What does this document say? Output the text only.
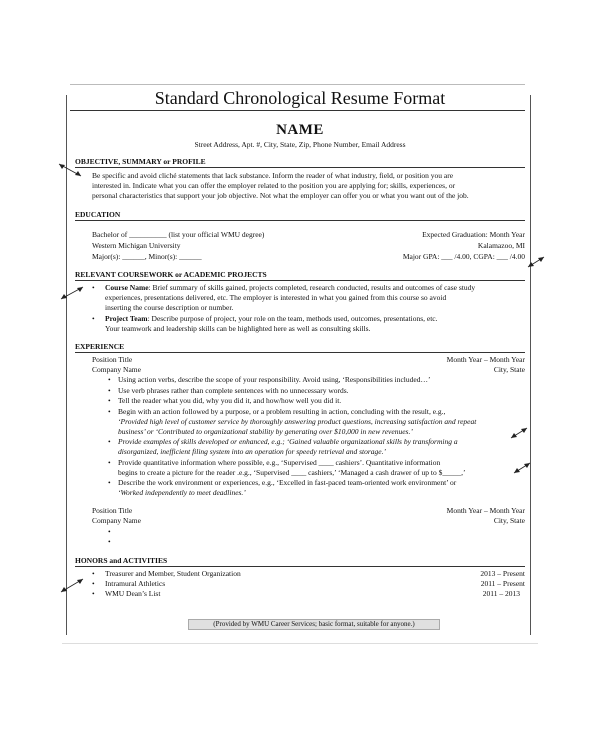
Standard Chronological Resume Format
NAME
Street Address, Apt. #, City, State, Zip, Phone Number, Email Address
OBJECTIVE, SUMMARY or PROFILE
Be specific and avoid cliché statements that lack substance. Inform the reader of what industry, field, or position you are
interested in. Indicate what you can offer the employer related to the position you are applying for; skills, experiences, or
personal characteristics that support your job objective. Not what the employer can offer you or what you want out of the job.
EDUCATION
Bachelor of __________ (list your official WMU degree)
Western Michigan University
Major(s): ______, Minor(s): ______
Expected Graduation: Month Year
Kalamazoo, MI
Major GPA: ___ /4.00, CGPA: ___ /4.00
RELEVANT COURSEWORK or ACADEMIC PROJECTS
• Course Name: Brief summary of skills gained, projects completed, research conducted, results and outcomes of case study
experiences, presentations delivered, etc. The employer is interested in what you gained from this course so avoid
inserting the course description or number.
• Project Team: Describe purpose of project, your role on the team, methods used, outcomes, presentations, etc.
Your teamwork and leadership skills can be highlighted here as well as consulting skills.
EXPERIENCE
Position Title
Company Name
Month Year – Month Year
City, State
• Using action verbs, describe the scope of your responsibility. Avoid using, ‘Responsibilities included…’
• Use verb phrases rather than complete sentences with no unnecessary words.
• Tell the reader what you did, why you did it, and how/how well you did it.
• Begin with an action followed by a purpose, or a problem resulting in action, concluding with the result, e.g.,
‘Provided high level of customer service by thoroughly answering product questions, increasing satisfaction and repeat
business’ or ‘Contributed to organizational stability by generating over $10,000 in new revenues.’
• Provide examples of skills developed or enhanced, e.g.; ‘Gained valuable organizational skills by transforming a
disorganized, inefficient filing system into an operation for speedy retrieval and storage.’
• Provide quantitative information where possible, e.g., ‘Supervised ____ cashiers’. Quantitative information
begins to create a picture for the reader .e.g., ‘Supervised ____ cashiers,’ ‘Managed a cash drawer of up to $_____,’
• Describe the work environment or experiences, e.g., ‘Excelled in fast-paced team-oriented work environment’ or
‘Worked independently to meet deadlines.’
Position Title
Company Name
Month Year – Month Year
City, State
•
•
HONORS and ACTIVITIES
• Treasurer and Member, Student Organization
• Intramural Athletics
• WMU Dean’s List
2013 – Present
2011 – Present
2011 – 2013
(Provided by WMU Career Services; basic format, suitable for anyone.)
